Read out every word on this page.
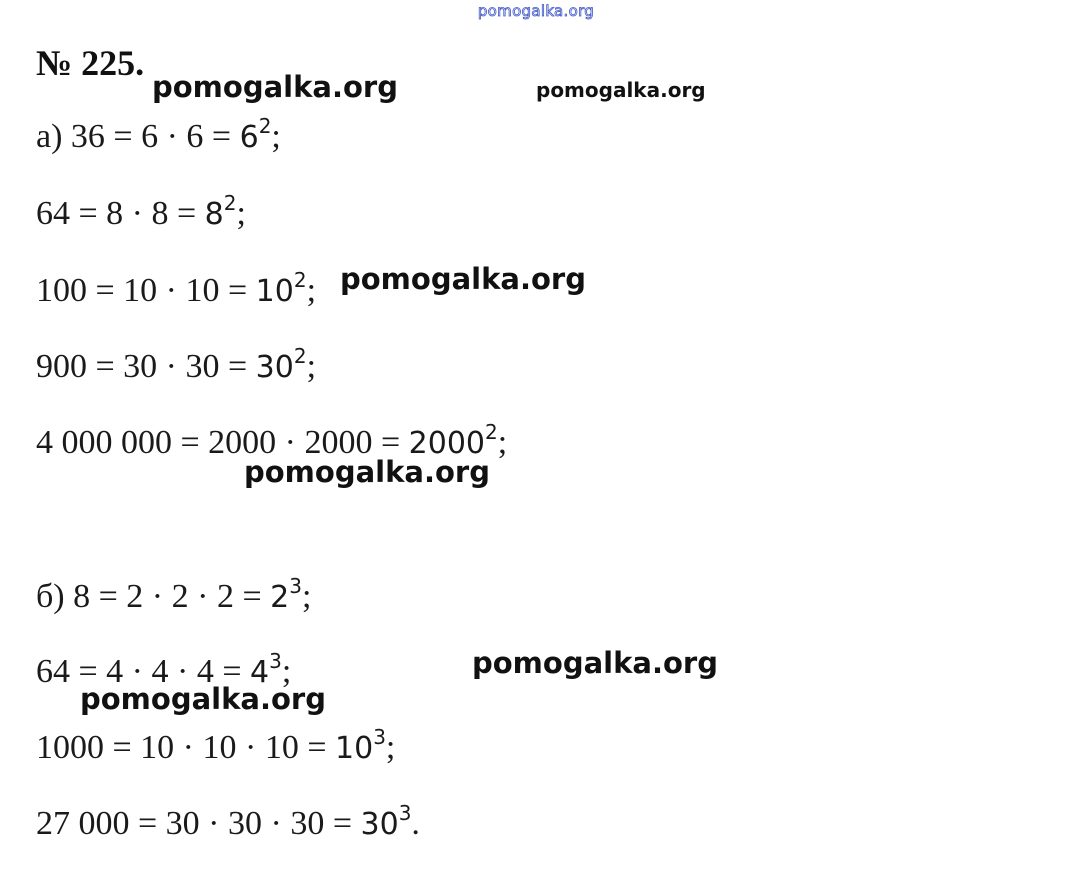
pomogalka.org
№ 225.
а) $36 = 6 \cdot 6 = 6^2$;
$64 = 8 \cdot 8 = 8^2$;
$100 = 10 \cdot 10 = 10^2$;
$900 = 30 \cdot 30 = 30^2$;
4 000 $000 = 2000 \cdot 2000 = 2000^2$;
б) $8 = 2 \cdot 2 \cdot 2 = 2^3$;
$64 = 4 \cdot 4 \cdot 4 = 4^3$;
$1000 = 10 \cdot 10 \cdot 10 = 10^3$;
27 $000 = 30 \cdot 30 \cdot 30 = 30^3$.
pomogalka.org	pomogalka.org
pomogalka.org
pomogalka.org
pomogalka.org
pomogalka.org
